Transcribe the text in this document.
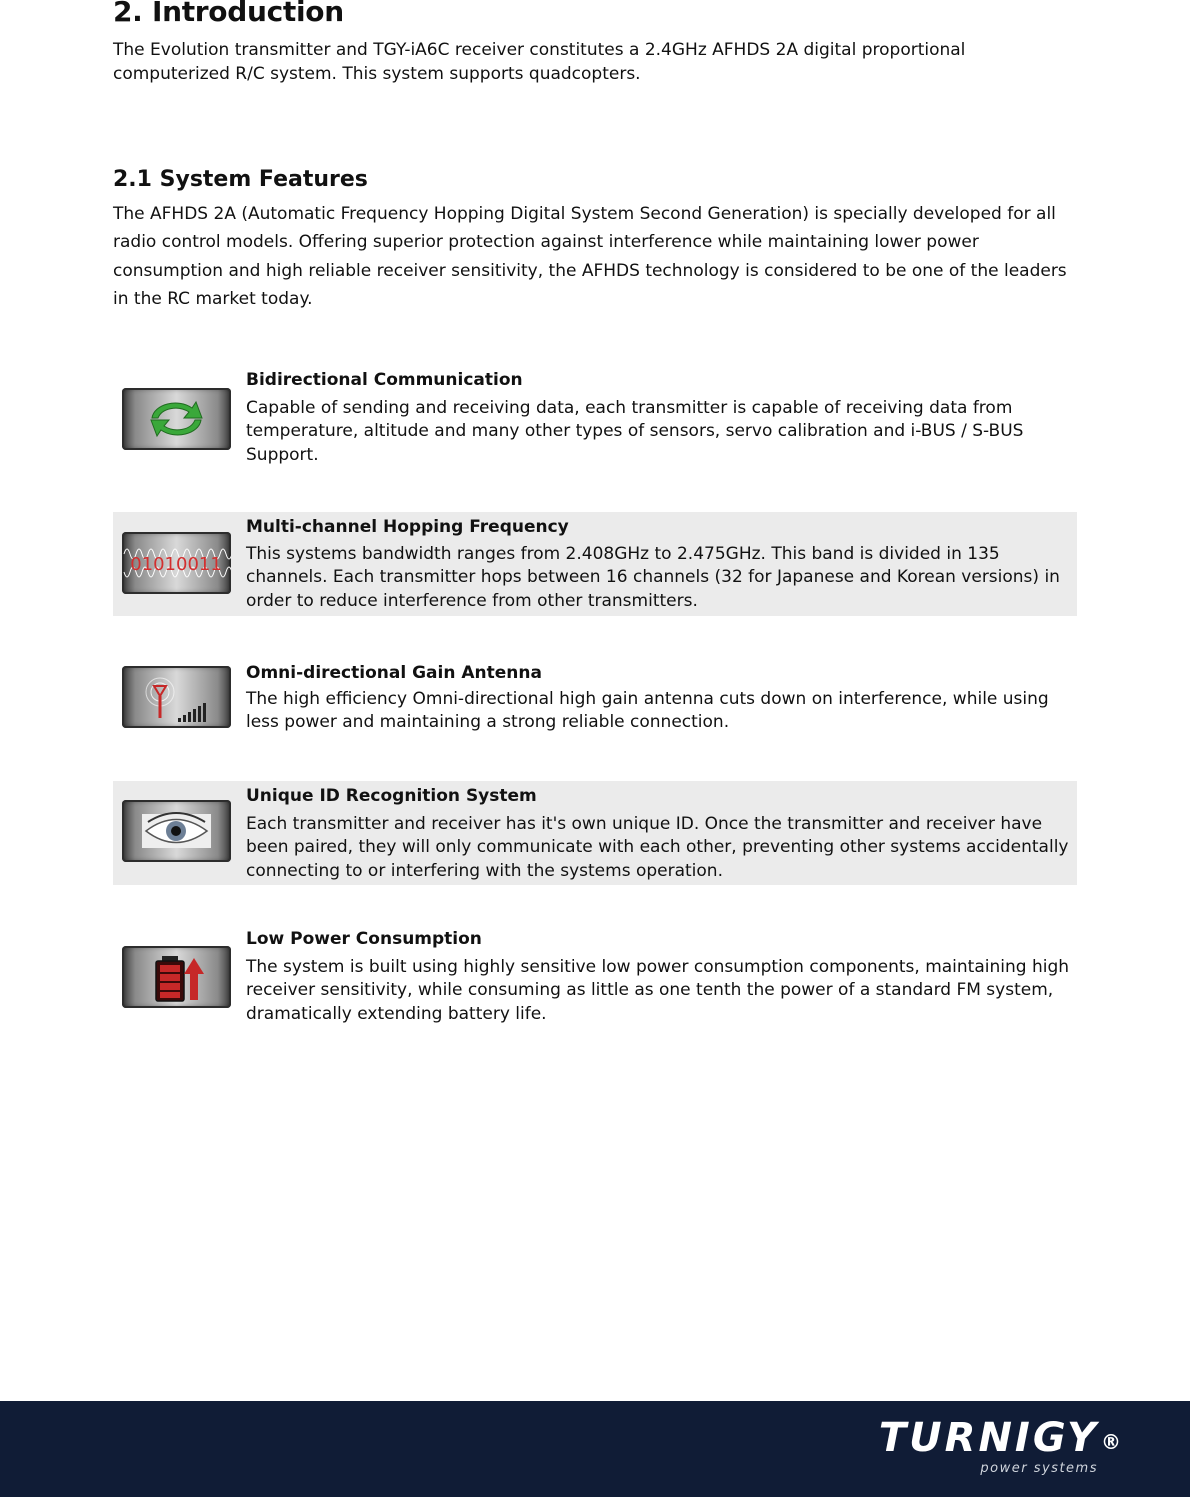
2. Introduction

The Evolution transmitter and TGY-iA6C receiver constitutes a 2.4GHz AFHDS 2A digital proportional computerized R/C system. This system supports quadcopters.

2.1 System Features

The AFHDS 2A (Automatic Frequency Hopping Digital System Second Generation) is specially developed for all radio control models. Offering superior protection against interference while maintaining lower power consumption and high reliable receiver sensitivity, the AFHDS technology is considered to be one of the leaders in the RC market today.

Bidirectional Communication

Capable of sending and receiving data, each transmitter is capable of receiving data from temperature, altitude and many other types of sensors, servo calibration and i-BUS / S-BUS Support.

01010011

Multi-channel Hopping Frequency

This systems bandwidth ranges from 2.408GHz to 2.475GHz. This band is divided in 135 channels. Each transmitter hops between 16 channels (32 for Japanese and Korean versions) in order to reduce interference from other transmitters.

Omni-directional Gain Antenna

The high efficiency Omni-directional high gain antenna cuts down on interference, while using less power and maintaining a strong reliable connection.

Unique ID Recognition System

Each transmitter and receiver has it's own unique ID. Once the transmitter and receiver have been paired, they will only communicate with each other, preventing other systems accidentally connecting to or interfering with the systems operation.

Low Power Consumption

The system is built using highly sensitive low power consumption components, maintaining high receiver sensitivity, while consuming as little as one tenth the power of a standard FM system, dramatically extending battery life.

TURNIGY ®
power systems
